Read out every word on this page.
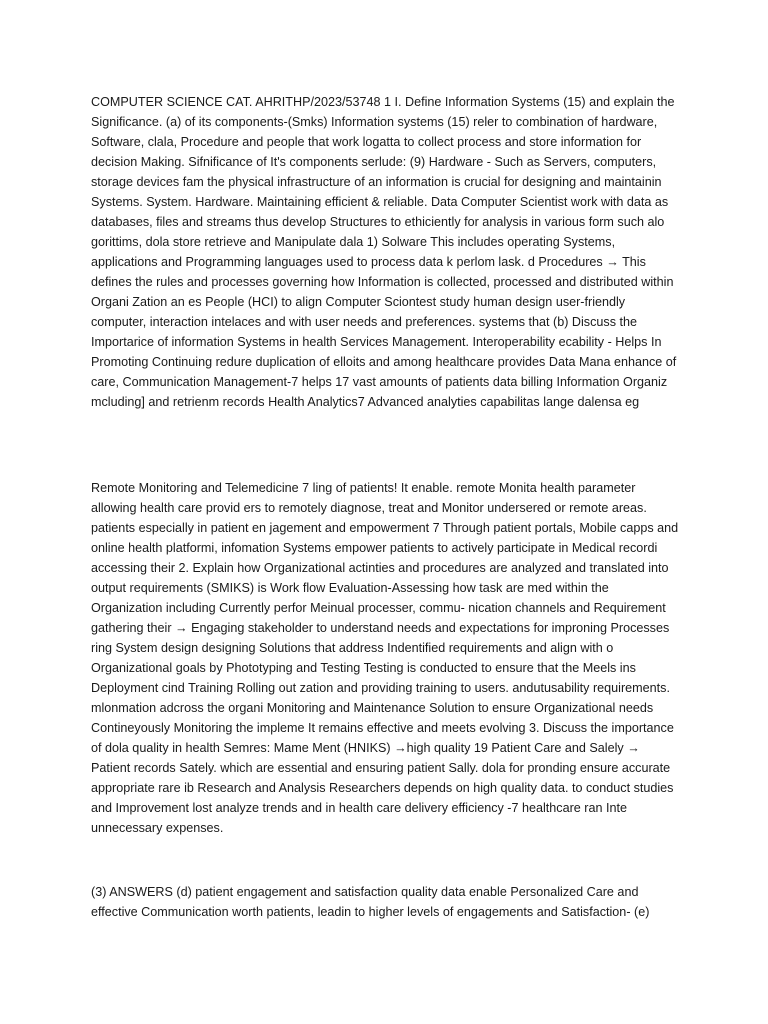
COMPUTER SCIENCE CAT. AHRITHP/2023/53748 1 I. Define Information Systems (15) and explain the Significance. (a) of its components-(Smks) Information systems (15) reler to combination of hardware, Software, clala, Procedure and people that work logatta to collect process and store information for decision Making. Sifnificance of It's components serlude: (9) Hardware - Such as Servers, computers, storage devices fam the physical infrastructure of an information is crucial for designing and maintainin Systems. System. Hardware. Maintaining efficient & reliable. Data Computer Scientist work with data as databases, files and streams thus develop Structures to ethiciently for analysis in various form such alo gorittims, dola store retrieve and Manipulate dala 1) Solware This includes operating Systems, applications and Programming languages used to process data k perlom lask. d Procedures → This defines the rules and processes governing how Information is collected, processed and distributed within Organi Zation an es People (HCI) to align Computer Sciontest study human design user-friendly computer, interaction intelaces and with user needs and preferences. systems that (b) Discuss the Importarice of information Systems in health Services Management. Interoperability ecability - Helps In Promoting Continuing redure duplication of elloits and among healthcare provides Data Mana enhance of care, Communication Management-7 helps 17 vast amounts of patients data billing Information Organiz mcluding] and retrienm records Health Analytics7 Advanced analyties capabilitas lange dalensa eg

Remote Monitoring and Telemedicine 7 ling of patients! It enable. remote Monita health parameter allowing health care provid ers to remotely diagnose, treat and Monitor undersered or remote areas. patients especially in patient en jagement and empowerment 7 Through patient portals, Mobile capps and online health platformi, infomation Systems empower patients to actively participate in Medical recordi accessing their 2. Explain how Organizational actinties and procedures are analyzed and translated into output requirements (SMIKS) is Work flow Evaluation-Assessing how task are med within the Organization including Currently perfor Meinual processer, commu- nication channels and Requirement gathering their → Engaging stakeholder to understand needs and expectations for improning Processes ring System design designing Solutions that address Indentified requirements and align with o Organizational goals by Phototyping and Testing Testing is conducted to ensure that the Meels ins Deployment cind Training Rolling out zation and providing training to users. andutusability requirements. mlonmation adcross the organi Monitoring and Maintenance Solution to ensure Organizational needs Contineyously Monitoring the impleme It remains effective and meets evolving 3. Discuss the importance of dola quality in health Semres: Mame Ment (HNIKS) →high quality 19 Patient Care and Salely → Patient records Sately. which are essential and ensuring patient Sally. dola for pronding ensure accurate appropriate rare ib Research and Analysis Researchers depends on high quality data. to conduct studies and Improvement lost analyze trends and in health care delivery efficiency -7 healthcare ran Inte unnecessary expenses.

(3) ANSWERS (d) patient engagement and satisfaction quality data enable Personalized Care and effective Communication worth patients, leadin to higher levels of engagements and Satisfaction- (e)
